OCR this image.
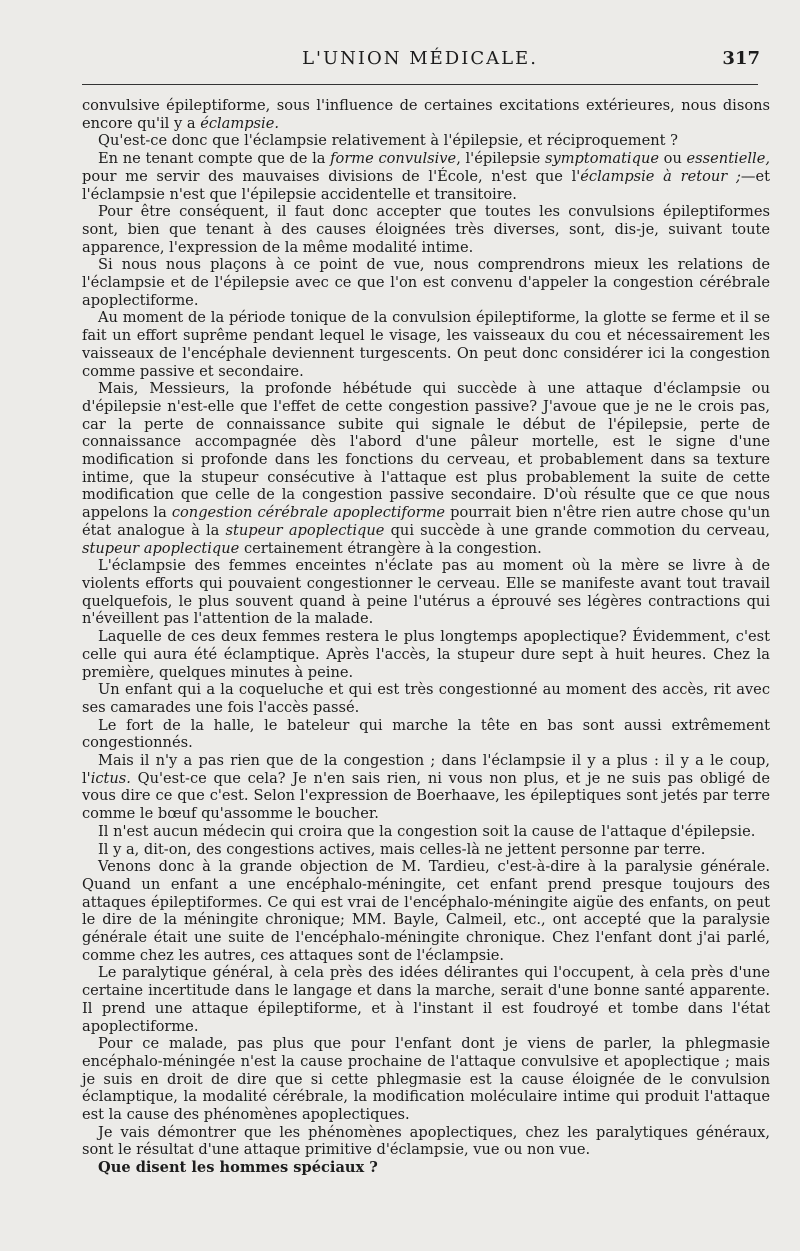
L'UNION MÉDICALE.	317

convulsive épileptiforme, sous l'influence de certaines excitations extérieures, nous disons encore qu'il y a éclampsie.

Qu'est-ce donc que l'éclampsie relativement à l'épilepsie, et réciproquement ?

En ne tenant compte que de la forme convulsive, l'épilepsie symptomatique ou essentielle, pour me servir des mauvaises divisions de l'École, n'est que l'éclampsie à retour ;—et l'éclampsie n'est que l'épilepsie accidentelle et transitoire.

Pour être conséquent, il faut donc accepter que toutes les convulsions épileptiformes sont, bien que tenant à des causes éloignées très diverses, sont, dis-je, suivant toute apparence, l'expression de la même modalité intime.

Si nous nous plaçons à ce point de vue, nous comprendrons mieux les relations de l'éclampsie et de l'épilepsie avec ce que l'on est convenu d'appeler la congestion cérébrale apoplectiforme.

Au moment de la période tonique de la convulsion épileptiforme, la glotte se ferme et il se fait un effort suprême pendant lequel le visage, les vaisseaux du cou et nécessairement les vaisseaux de l'encéphale deviennent turgescents. On peut donc considérer ici la congestion comme passive et secondaire.

Mais, Messieurs, la profonde hébétude qui succède à une attaque d'éclampsie ou d'épilepsie n'est-elle que l'effet de cette congestion passive? J'avoue que je ne le crois pas, car la perte de connaissance subite qui signale le début de l'épilepsie, perte de connaissance accompagnée dès l'abord d'une pâleur mortelle, est le signe d'une modification si profonde dans les fonctions du cerveau, et probablement dans sa texture intime, que la stupeur consécutive à l'attaque est plus probablement la suite de cette modification que celle de la congestion passive secondaire. D'où résulte que ce que nous appelons la congestion cérébrale apoplectiforme pourrait bien n'être rien autre chose qu'un état analogue à la stupeur apoplectique qui succède à une grande commotion du cerveau, stupeur apoplectique certainement étrangère à la congestion.

L'éclampsie des femmes enceintes n'éclate pas au moment où la mère se livre à de violents efforts qui pouvaient congestionner le cerveau. Elle se manifeste avant tout travail quelquefois, le plus souvent quand à peine l'utérus a éprouvé ses légères contractions qui n'éveillent pas l'attention de la malade.

Laquelle de ces deux femmes restera le plus longtemps apoplectique? Évidemment, c'est celle qui aura été éclamptique. Après l'accès, la stupeur dure sept à huit heures. Chez la première, quelques minutes à peine.

Un enfant qui a la coqueluche et qui est très congestionné au moment des accès, rit avec ses camarades une fois l'accès passé.

Le fort de la halle, le bateleur qui marche la tête en bas sont aussi extrêmement congestionnés.

Mais il n'y a pas rien que de la congestion ; dans l'éclampsie il y a plus : il y a le coup, l'ictus. Qu'est-ce que cela? Je n'en sais rien, ni vous non plus, et je ne suis pas obligé de vous dire ce que c'est. Selon l'expression de Boerhaave, les épileptiques sont jetés par terre comme le bœuf qu'assomme le boucher.

Il n'est aucun médecin qui croira que la congestion soit la cause de l'attaque d'épilepsie.

Il y a, dit-on, des congestions actives, mais celles-là ne jettent personne par terre.

Venons donc à la grande objection de M. Tardieu, c'est-à-dire à la paralysie générale. Quand un enfant a une encéphalo-méningite, cet enfant prend presque toujours des attaques épileptiformes. Ce qui est vrai de l'encéphalo-méningite aigüe des enfants, on peut le dire de la méningite chronique; MM. Bayle, Calmeil, etc., ont accepté que la paralysie générale était une suite de l'encéphalo-méningite chronique. Chez l'enfant dont j'ai parlé, comme chez les autres, ces attaques sont de l'éclampsie.

Le paralytique général, à cela près des idées délirantes qui l'occupent, à cela près d'une certaine incertitude dans le langage et dans la marche, serait d'une bonne santé apparente. Il prend une attaque épileptiforme, et à l'instant il est foudroyé et tombe dans l'état apoplectiforme.

Pour ce malade, pas plus que pour l'enfant dont je viens de parler, la phlegmasie encéphalo-méningée n'est la cause prochaine de l'attaque convulsive et apoplectique ; mais je suis en droit de dire que si cette phlegmasie est la cause éloignée de le convulsion éclamptique, la modalité cérébrale, la modification moléculaire intime qui produit l'attaque est la cause des phénomènes apoplectiques.

Je vais démontrer que les phénomènes apoplectiques, chez les paralytiques généraux, sont le résultat d'une attaque primitive d'éclampsie, vue ou non vue.

Que disent les hommes spéciaux ?
